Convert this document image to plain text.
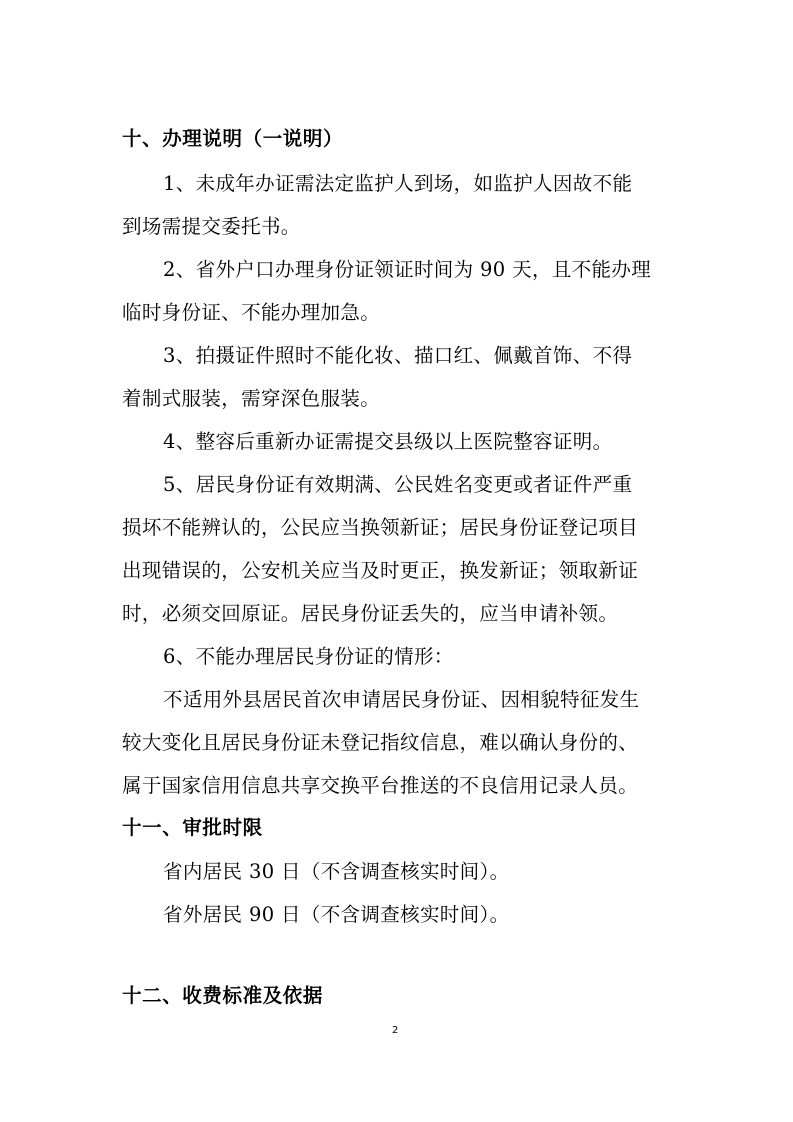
十、办理说明（一说明）

1、未成年办证需法定监护人到场，如监护人因故不能

到场需提交委托书。

2、省外户口办理身份证领证时间为 90 天，且不能办理

临时身份证、不能办理加急。

3、拍摄证件照时不能化妆、描口红、佩戴首饰、不得

着制式服装，需穿深色服装。

4、整容后重新办证需提交县级以上医院整容证明。

5、居民身份证有效期满、公民姓名变更或者证件严重

损坏不能辨认的，公民应当换领新证；居民身份证登记项目

出现错误的，公安机关应当及时更正，换发新证；领取新证

时，必须交回原证。居民身份证丢失的，应当申请补领。

6、不能办理居民身份证的情形：

不适用外县居民首次申请居民身份证、因相貌特征发生

较大变化且居民身份证未登记指纹信息，难以确认身份的、

属于国家信用信息共享交换平台推送的不良信用记录人员。

十一、审批时限

省内居民 30 日（不含调查核实时间）。

省外居民 90 日（不含调查核实时间）。

十二、收费标准及依据

2
